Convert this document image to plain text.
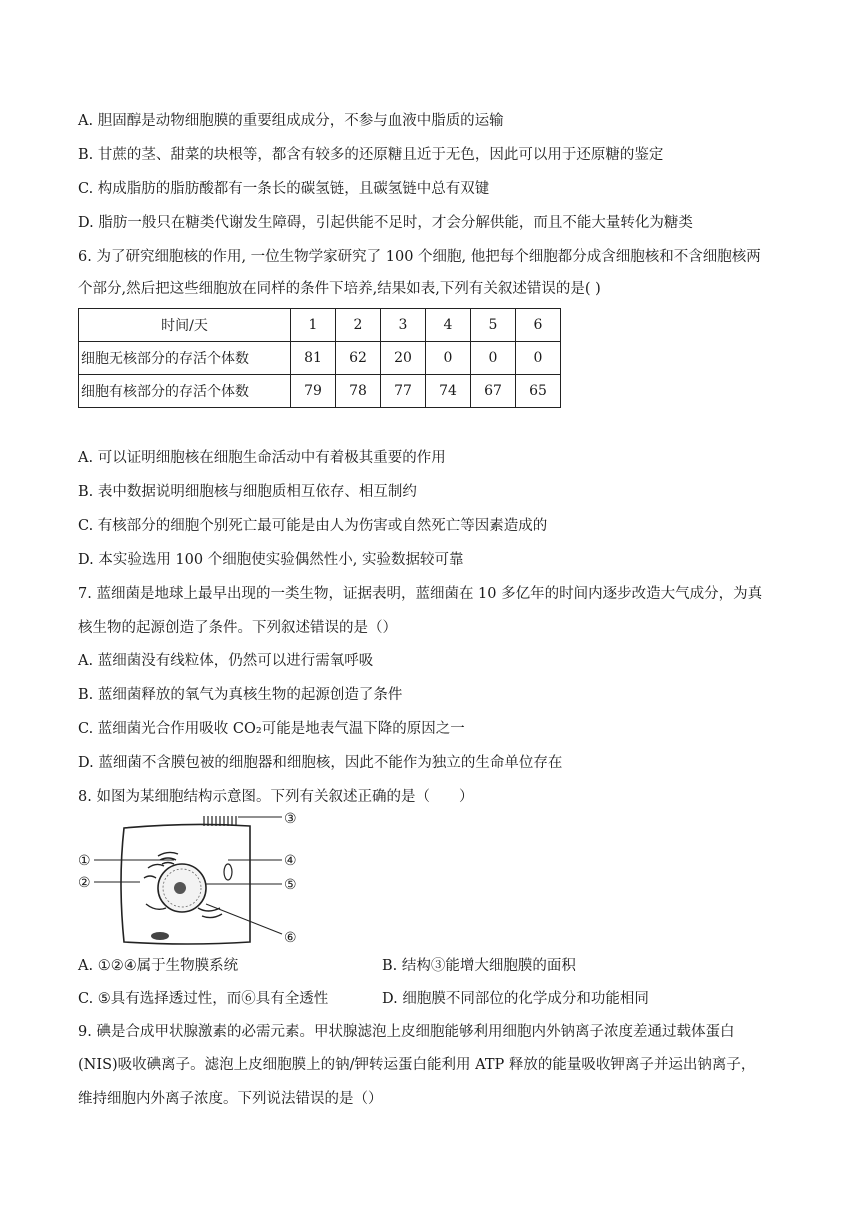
A. 胆固醇是动物细胞膜的重要组成成分，不参与血液中脂质的运输
B. 甘蔗的茎、甜菜的块根等，都含有较多的还原糖且近于无色，因此可以用于还原糖的鉴定
C. 构成脂肪的脂肪酸都有一条长的碳氢链，且碳氢链中总有双键
D. 脂肪一般只在糖类代谢发生障碍，引起供能不足时，才会分解供能，而且不能大量转化为糖类
6. 为了研究细胞核的作用, 一位生物学家研究了 100 个细胞, 他把每个细胞都分成含细胞核和不含细胞核两
个部分,然后把这些细胞放在同样的条件下培养,结果如表,下列有关叙述错误的是( )
时间/天	1	2	3	4	5	6
细胞无核部分的存活个体数	81	62	20	0	0	0
细胞有核部分的存活个体数	79	78	77	74	67	65
A. 可以证明细胞核在细胞生命活动中有着极其重要的作用
B. 表中数据说明细胞核与细胞质相互依存、相互制约
C. 有核部分的细胞个别死亡最可能是由人为伤害或自然死亡等因素造成的
D. 本实验选用 100 个细胞使实验偶然性小, 实验数据较可靠
7. 蓝细菌是地球上最早出现的一类生物，证据表明，蓝细菌在 10 多亿年的时间内逐步改造大气成分，为真
核生物的起源创造了条件。下列叙述错误的是（）
A. 蓝细菌没有线粒体，仍然可以进行需氧呼吸
B. 蓝细菌释放的氧气为真核生物的起源创造了条件
C. 蓝细菌光合作用吸收 CO₂可能是地表气温下降的原因之一
D. 蓝细菌不含膜包被的细胞器和细胞核，因此不能作为独立的生命单位存在
8. 如图为某细胞结构示意图。下列有关叙述正确的是（　　）
①
②
③
④
⑤
⑥
A. ①②④属于生物膜系统	B. 结构③能增大细胞膜的面积
C. ⑤具有选择透过性，而⑥具有全透性	D. 细胞膜不同部位的化学成分和功能相同
9. 碘是合成甲状腺激素的必需元素。甲状腺滤泡上皮细胞能够利用细胞内外钠离子浓度差通过载体蛋白
(NIS)吸收碘离子。滤泡上皮细胞膜上的钠/钾转运蛋白能利用 ATP 释放的能量吸收钾离子并运出钠离子，
维持细胞内外离子浓度。下列说法错误的是（）
